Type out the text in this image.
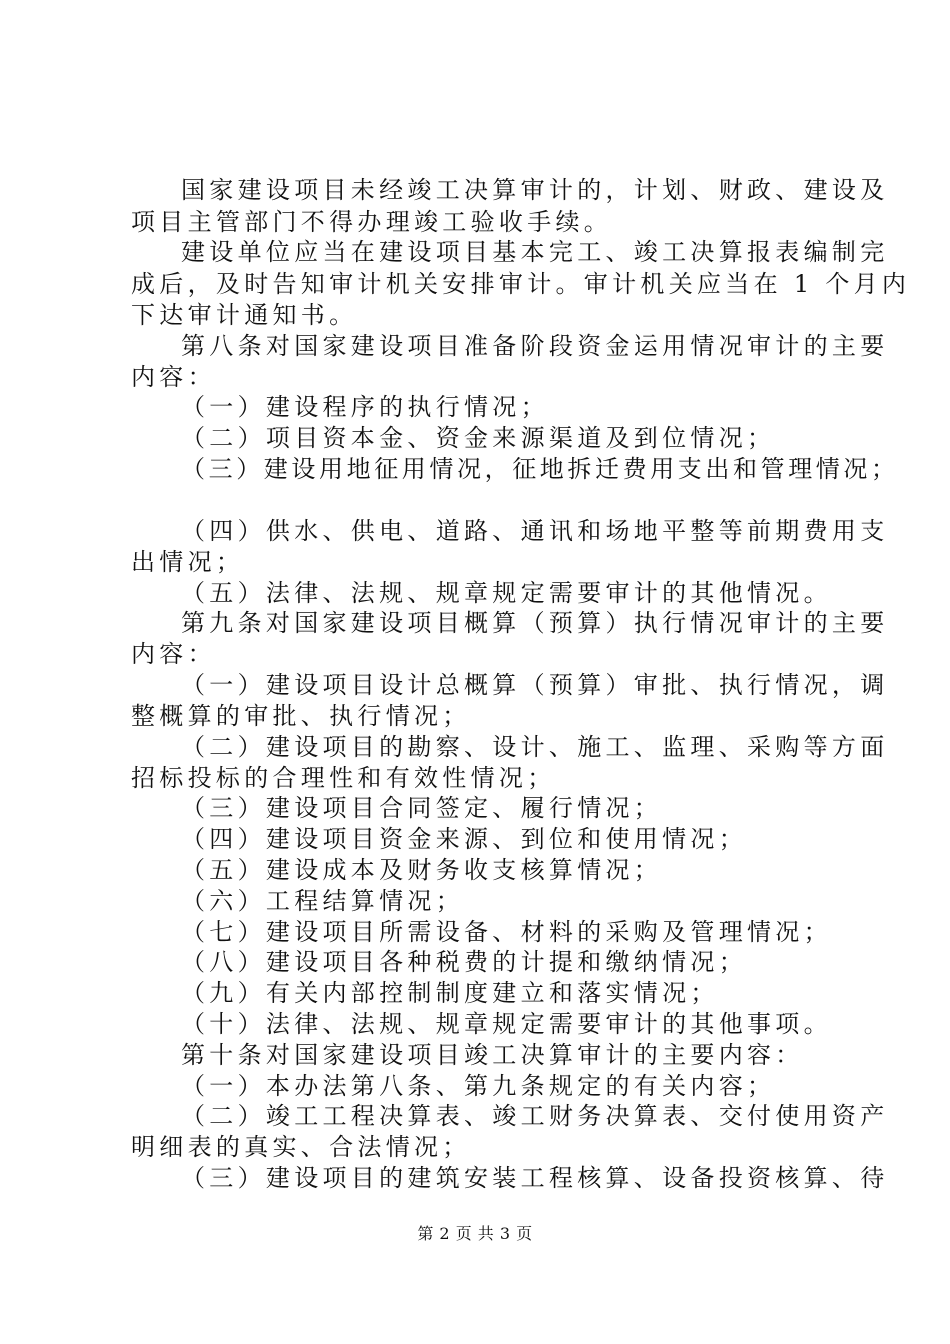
国家建设项目未经竣工决算审计的，计划、财政、建设及
项目主管部门不得办理竣工验收手续。
建设单位应当在建设项目基本完工、竣工决算报表编制完
成后，及时告知审计机关安排审计。审计机关应当在 1 个月内
下达审计通知书。
第八条对国家建设项目准备阶段资金运用情况审计的主要
内容：
（一）建设程序的执行情况；
（二）项目资本金、资金来源渠道及到位情况；
（三）建设用地征用情况，征地拆迁费用支出和管理情况；
（四）供水、供电、道路、通讯和场地平整等前期费用支
出情况；
（五）法律、法规、规章规定需要审计的其他情况。
第九条对国家建设项目概算（预算）执行情况审计的主要
内容：
（一）建设项目设计总概算（预算）审批、执行情况，调
整概算的审批、执行情况；
（二）建设项目的勘察、设计、施工、监理、采购等方面
招标投标的合理性和有效性情况；
（三）建设项目合同签定、履行情况；
（四）建设项目资金来源、到位和使用情况；
（五）建设成本及财务收支核算情况；
（六）工程结算情况；
（七）建设项目所需设备、材料的采购及管理情况；
（八）建设项目各种税费的计提和缴纳情况；
（九）有关内部控制制度建立和落实情况；
（十）法律、法规、规章规定需要审计的其他事项。
第十条对国家建设项目竣工决算审计的主要内容：
（一）本办法第八条、第九条规定的有关内容；
（二）竣工工程决算表、竣工财务决算表、交付使用资产
明细表的真实、合法情况；
（三）建设项目的建筑安装工程核算、设备投资核算、待
第 2 页 共 3 页
